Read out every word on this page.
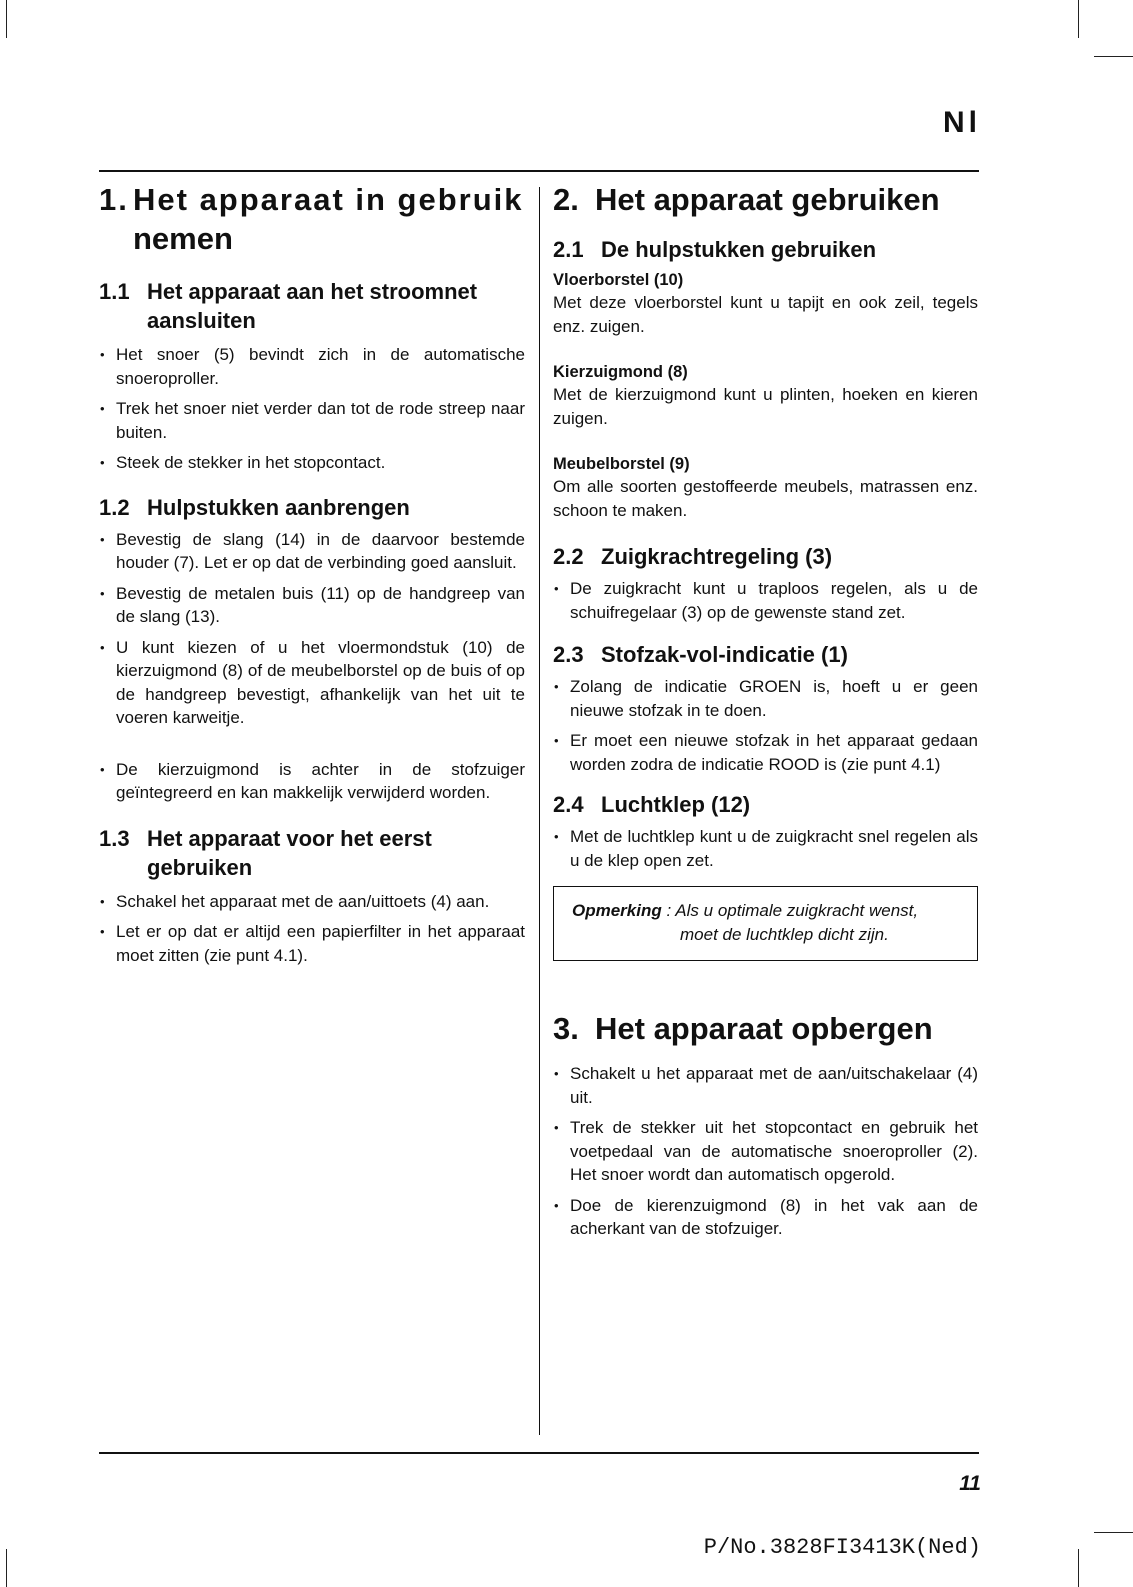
Nl
1. Het apparaat in gebruik
nemen
1.1 Het apparaat aan het stroomnet
aansluiten
• Het snoer (5) bevindt zich in de automatische snoeroproller.
• Trek het snoer niet verder dan tot de rode streep naar buiten.
• Steek de stekker in het stopcontact.
1.2 Hulpstukken aanbrengen
• Bevestig de slang (14) in de daarvoor bestemde houder (7). Let er op dat de verbinding goed aansluit.
• Bevestig de metalen buis (11) op de handgreep van de slang (13).
• U kunt kiezen of u het vloermondstuk (10) de kierzuigmond (8) of de meubelborstel op de buis of op de handgreep bevestigt, afhankelijk van het uit te voeren karweitje.
• De kierzuigmond is achter in de stofzuiger geïntegreerd en kan makkelijk verwijderd worden.
1.3 Het apparaat voor het eerst
gebruiken
• Schakel het apparaat met de aan/uittoets (4) aan.
• Let er op dat er altijd een papierfilter in het apparaat moet zitten (zie punt 4.1).
2. Het apparaat gebruiken
2.1 De hulpstukken gebruiken

Vloerborstel (10)

Met deze vloerborstel kunt u tapijt en ook zeil, tegels enz. zuigen.

Kierzuigmond (8)

Met de kierzuigmond kunt u plinten, hoeken en kieren zuigen.

Meubelborstel (9)

Om alle soorten gestoffeerde meubels, matrassen enz. schoon te maken.

2.2 Zuigkrachtregeling (3)
• De zuigkracht kunt u traploos regelen, als u de schuifregelaar (3) op de gewenste stand zet.
2.3 Stofzak-vol-indicatie (1)
• Zolang de indicatie GROEN is, hoeft u er geen nieuwe stofzak in te doen.
• Er moet een nieuwe stofzak in het apparaat gedaan worden zodra de indicatie ROOD is (zie punt 4.1)
2.4 Luchtklep (12)
• Met de luchtklep kunt u de zuigkracht snel regelen als u de klep open zet.
Opmerking : Als u optimale zuigkracht wenst,
moet de luchtklep dicht zijn.
3. Het apparaat opbergen
• Schakelt u het apparaat met de aan/uitschakelaar (4) uit.
• Trek de stekker uit het stopcontact en gebruik het voetpedaal van de automatische snoeroproller (2). Het snoer wordt dan automatisch opgerold.
• Doe de kierenzuigmond (8) in het vak aan de acherkant van de stofzuiger.
11
P/No.3828FI3413K(Ned)
